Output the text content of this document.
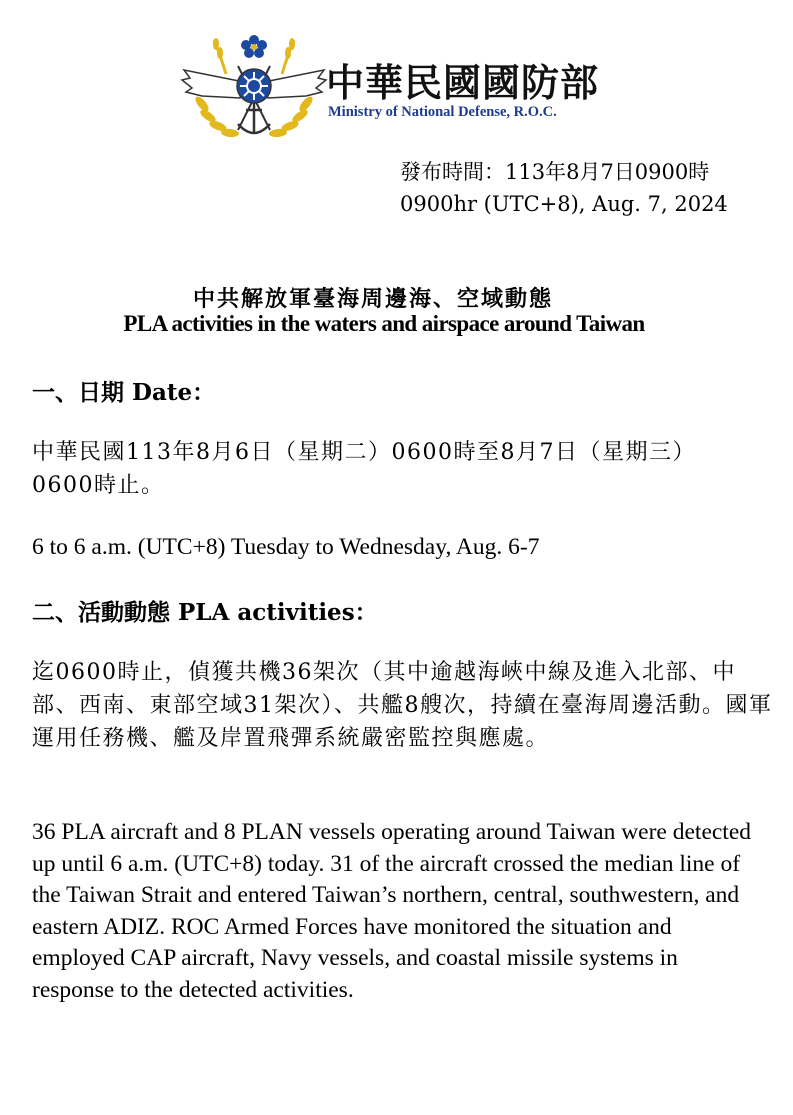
中華民國國防部
Ministry of National Defense, R.O.C.
發布時間：113年8月7日0900時
0900hr (UTC+8), Aug. 7, 2024
中共解放軍臺海周邊海、空域動態
PLA activities in the waters and airspace around Taiwan
一、日期 Date：
中華民國113年8月6日（星期二）0600時至8月7日（星期三）0600時止。
6 to 6 a.m. (UTC+8) Tuesday to Wednesday, Aug. 6-7
二、活動動態 PLA activities：
迄0600時止，偵獲共機36架次（其中逾越海峽中線及進入北部、中部、西南、東部空域31架次）、共艦8艘次，持續在臺海周邊活動。國軍運用任務機、艦及岸置飛彈系統嚴密監控與應處。
36 PLA aircraft and 8 PLAN vessels operating around Taiwan were detected up until 6 a.m. (UTC+8) today. 31 of the aircraft crossed the median line of the Taiwan Strait and entered Taiwan’s northern, central, southwestern, and eastern ADIZ. ROC Armed Forces have monitored the situation and employed CAP aircraft, Navy vessels, and coastal missile systems in response to the detected activities.
